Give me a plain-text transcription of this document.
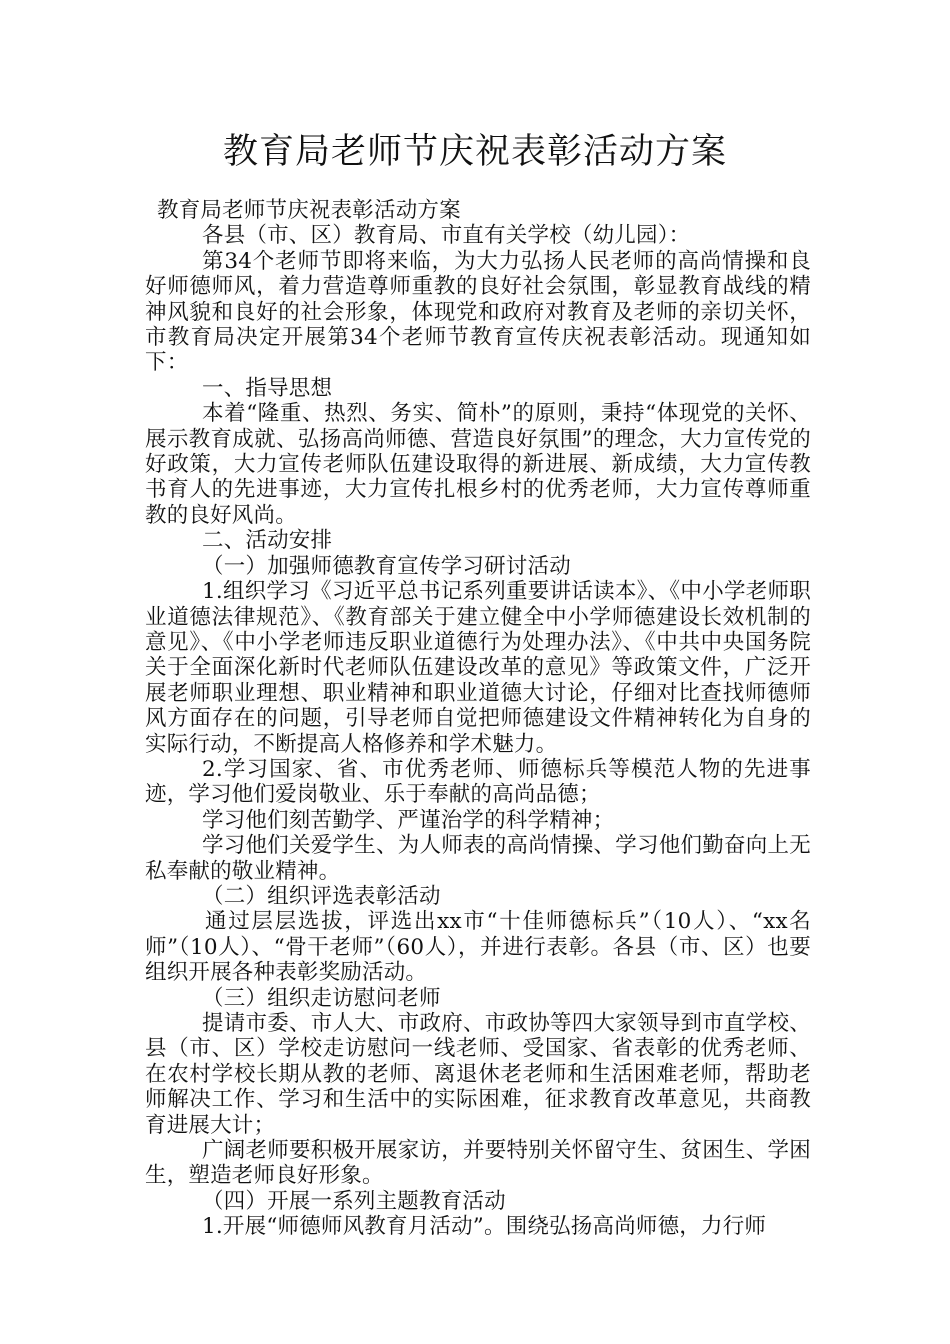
教育局老师节庆祝表彰活动方案

教育局老师节庆祝表彰活动方案

各县（市、区）教育局、市直有关学校（幼儿园）：

第34个老师节即将来临，为大力弘扬人民老师的高尚情操和良好师德师风，着力营造尊师重教的良好社会氛围，彰显教育战线的精神风貌和良好的社会形象，体现党和政府对教育及老师的亲切关怀，市教育局决定开展第34个老师节教育宣传庆祝表彰活动。现通知如下：

一、指导思想

本着“隆重、热烈、务实、简朴”的原则，秉持“体现党的关怀、展示教育成就、弘扬高尚师德、营造良好氛围”的理念，大力宣传党的好政策，大力宣传老师队伍建设取得的新进展、新成绩，大力宣传教书育人的先进事迹，大力宣传扎根乡村的优秀老师，大力宣传尊师重教的良好风尚。

二、活动安排

（一）加强师德教育宣传学习研讨活动

1.组织学习《习近平总书记系列重要讲话读本》、《中小学老师职业道德法律规范》、《教育部关于建立健全中小学师德建设长效机制的意见》、《中小学老师违反职业道德行为处理办法》、《中共中央国务院关于全面深化新时代老师队伍建设改革的意见》等政策文件，广泛开展老师职业理想、职业精神和职业道德大讨论，仔细对比查找师德师风方面存在的问题，引导老师自觉把师德建设文件精神转化为自身的实际行动，不断提高人格修养和学术魅力。

2.学习国家、省、市优秀老师、师德标兵等模范人物的先进事迹，学习他们爱岗敬业、乐于奉献的高尚品德；

学习他们刻苦勤学、严谨治学的科学精神；

学习他们关爱学生、为人师表的高尚情操、学习他们勤奋向上无私奉献的敬业精神。

（二）组织评选表彰活动

通过层层选拔，评选出xx市“十佳师德标兵”（10人）、“xx名师”（10人）、“骨干老师”（60人），并进行表彰。各县（市、区）也要组织开展各种表彰奖励活动。

（三）组织走访慰问老师

提请市委、市人大、市政府、市政协等四大家领导到市直学校、县（市、区）学校走访慰问一线老师、受国家、省表彰的优秀老师、在农村学校长期从教的老师、离退休老老师和生活困难老师，帮助老师解决工作、学习和生活中的实际困难，征求教育改革意见，共商教育进展大计；

广阔老师要积极开展家访，并要特别关怀留守生、贫困生、学困生，塑造老师良好形象。

（四）开展一系列主题教育活动

1.开展“师德师风教育月活动”。围绕弘扬高尚师德，力行师
